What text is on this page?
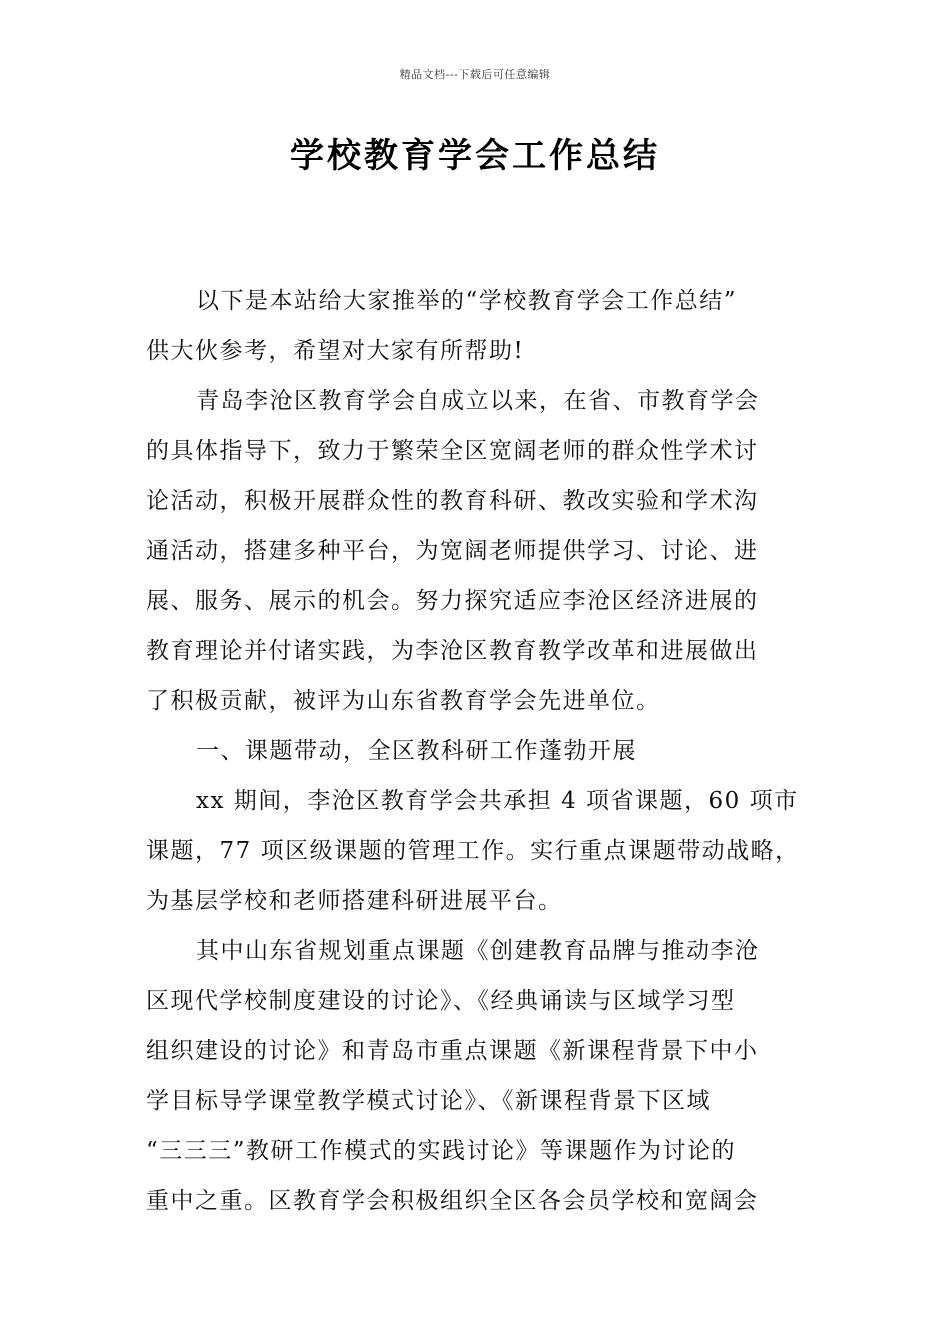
精品文档---下载后可任意编辑
学校教育学会工作总结
以下是本站给大家推举的“学校教育学会工作总结”
供大伙参考，希望对大家有所帮助!
青岛李沧区教育学会自成立以来，在省、市教育学会
的具体指导下，致力于繁荣全区宽阔老师的群众性学术讨
论活动，积极开展群众性的教育科研、教改实验和学术沟
通活动，搭建多种平台，为宽阔老师提供学习、讨论、进
展、服务、展示的机会。努力探究适应李沧区经济进展的
教育理论并付诸实践，为李沧区教育教学改革和进展做出
了积极贡献，被评为山东省教育学会先进单位。
一、课题带动，全区教科研工作蓬勃开展
xx 期间，李沧区教育学会共承担 4 项省课题，60 项市
课题，77 项区级课题的管理工作。实行重点课题带动战略，
为基层学校和老师搭建科研进展平台。
其中山东省规划重点课题《创建教育品牌与推动李沧
区现代学校制度建设的讨论》、《经典诵读与区域学习型
组织建设的讨论》和青岛市重点课题《新课程背景下中小
学目标导学课堂教学模式讨论》、《新课程背景下区域
“三三三”教研工作模式的实践讨论》等课题作为讨论的
重中之重。区教育学会积极组织全区各会员学校和宽阔会
